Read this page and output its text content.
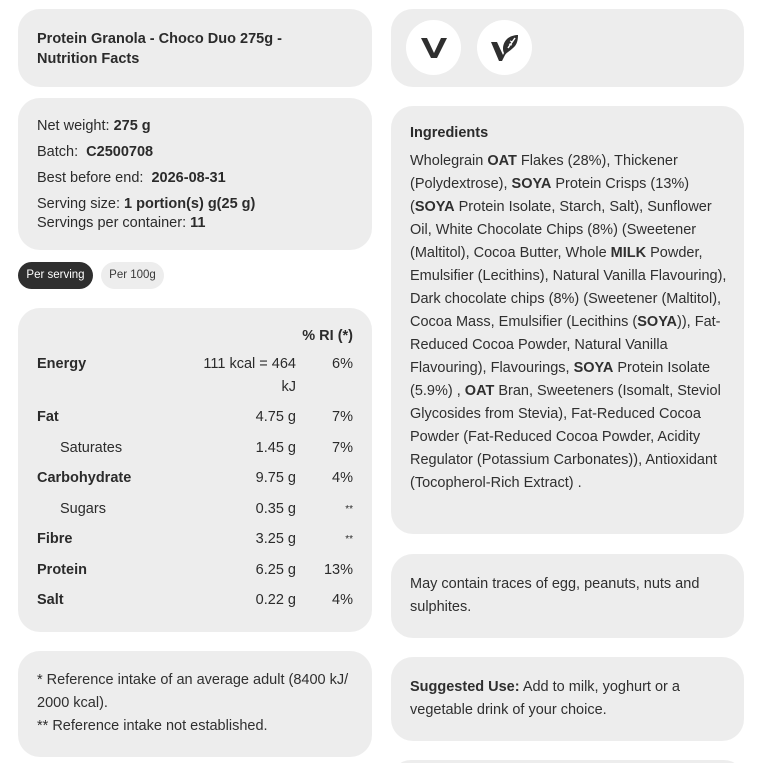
Protein Granola - Choco Duo 275g - Nutrition Facts
Net weight: 275 g
Batch: C2500708
Best before end: 2026-08-31
Serving size: 1 portion(s) g(25 g)
Servings per container: 11
Per serving	Per 100g
% RI (*)
Energy	111 kcal = 464	6%
kJ
Fat	4.75 g	7%
Saturates	1.45 g	7%
Carbohydrate	9.75 g	4%
Sugars	0.35 g	**
Fibre	3.25 g	**
Protein	6.25 g	13%
Salt	0.22 g	4%
* Reference intake of an average adult (8400 kJ/ 2000 kcal).
** Reference intake not established.
Ingredients
Wholegrain OAT Flakes (28%), Thickener (Polydextrose), SOYA Protein Crisps (13%) (SOYA Protein Isolate, Starch, Salt), Sunflower Oil, White Chocolate Chips (8%) (Sweetener (Maltitol), Cocoa Butter, Whole MILK Powder, Emulsifier (Lecithins), Natural Vanilla Flavouring), Dark chocolate chips (8%) (Sweetener (Maltitol), Cocoa Mass, Emulsifier (Lecithins (SOYA)), Fat-Reduced Cocoa Powder, Natural Vanilla Flavouring), Flavourings, SOYA Protein Isolate (5.9%) , OAT Bran, Sweeteners (Isomalt, Steviol Glycosides from Stevia), Fat-Reduced Cocoa Powder (Fat-Reduced Cocoa Powder, Acidity Regulator (Potassium Carbonates)), Antioxidant (Tocopherol-Rich Extract) .
May contain traces of egg, peanuts, nuts and sulphites.
Suggested Use: Add to milk, yoghurt or a vegetable drink of your choice.
